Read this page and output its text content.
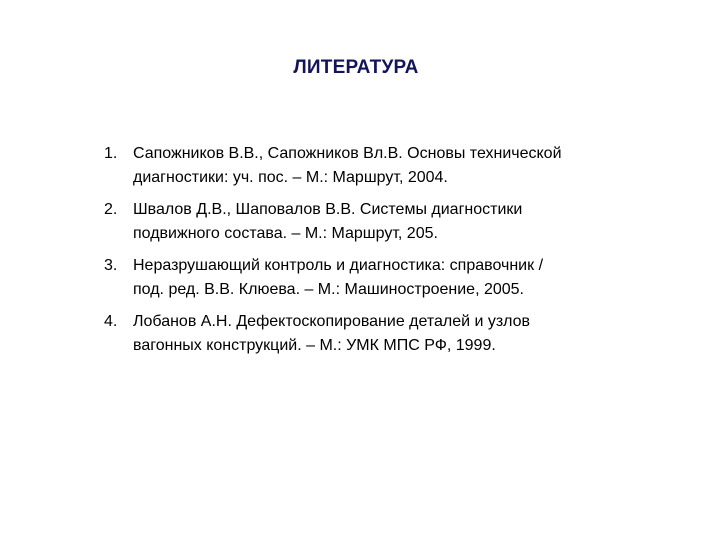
ЛИТЕРАТУРА
1. Сапожников В.В., Сапожников Вл.В. Основы технической
диагностики: уч. пос. – М.: Маршрут, 2004.
2. Швалов Д.В., Шаповалов В.В. Системы диагностики
подвижного состава. – М.: Маршрут, 205.
3. Неразрушающий контроль и диагностика: справочник /
под. ред. В.В. Клюева. – М.: Машиностроение, 2005.
4. Лобанов А.Н. Дефектоскопирование деталей и узлов
вагонных конструкций. – М.: УМК МПС РФ, 1999.
